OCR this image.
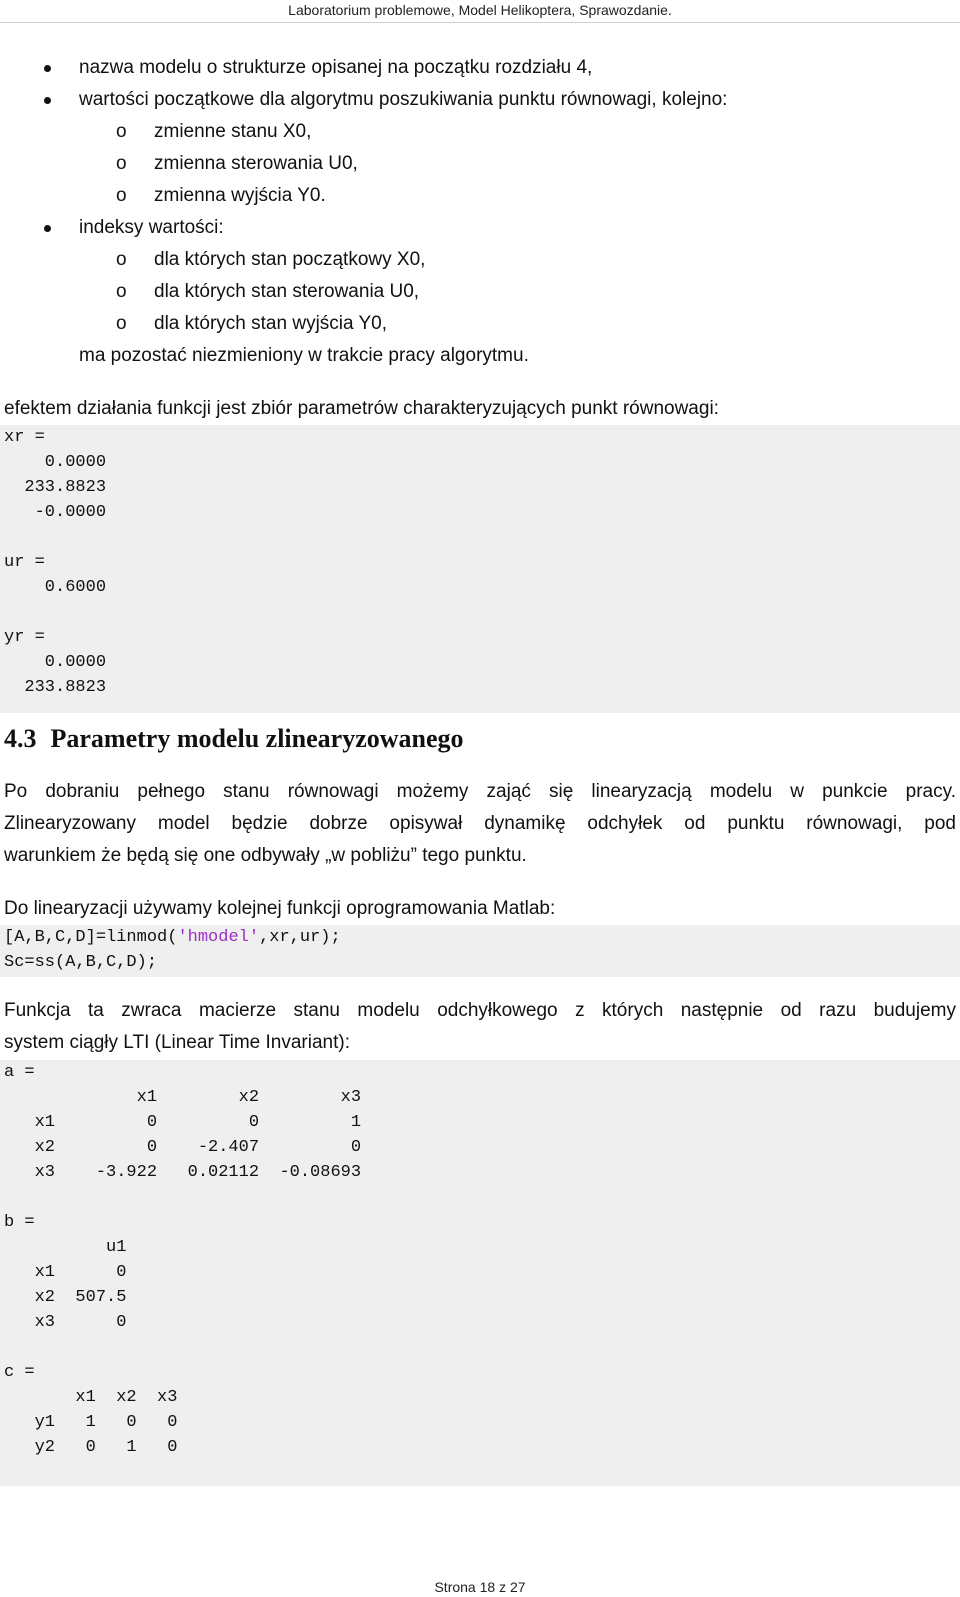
Laboratorium problemowe, Model Helikoptera, Sprawozdanie.
nazwa modelu o strukturze opisanej na początku rozdziału 4,
wartości początkowe dla algorytmu poszukiwania punktu równowagi, kolejno:
o zmienne stanu X0,
o zmienna sterowania U0,
o zmienna wyjścia Y0.
indeksy wartości:
o dla których stan początkowy X0,
o dla których stan sterowania U0,
o dla których stan wyjścia Y0,
ma pozostać niezmieniony w trakcie pracy algorytmu.
efektem działania funkcji jest zbiór parametrów charakteryzujących punkt równowagi:
xr =
0.0000
233.8823
-0.0000

ur =
0.6000

yr =
0.0000
233.8823
4.3 Parametry modelu zlinearyzowanego
Po dobraniu pełnego stanu równowagi możemy zająć się linearyzacją modelu w punkcie pracy.
Zlinearyzowany model będzie dobrze opisywał dynamikę odchyłek od punktu równowagi, pod
warunkiem że będą się one odbywały „w pobliżu” tego punktu.
Do linearyzacji używamy kolejnej funkcji oprogramowania Matlab:
[A,B,C,D]=linmod('hmodel',xr,ur);
Sc=ss(A,B,C,D);
Funkcja ta zwraca macierze stanu modelu odchyłkowego z których następnie od razu budujemy
system ciągły LTI (Linear Time Invariant):
a =
x1        x2        x3
x1         0         0         1
x2         0    -2.407         0
x3    -3.922   0.02112  -0.08693

b =
u1
x1      0
x2  507.5
x3      0

c =
x1  x2  x3
y1   1   0   0
y2   0   1   0
Strona 18 z 27
